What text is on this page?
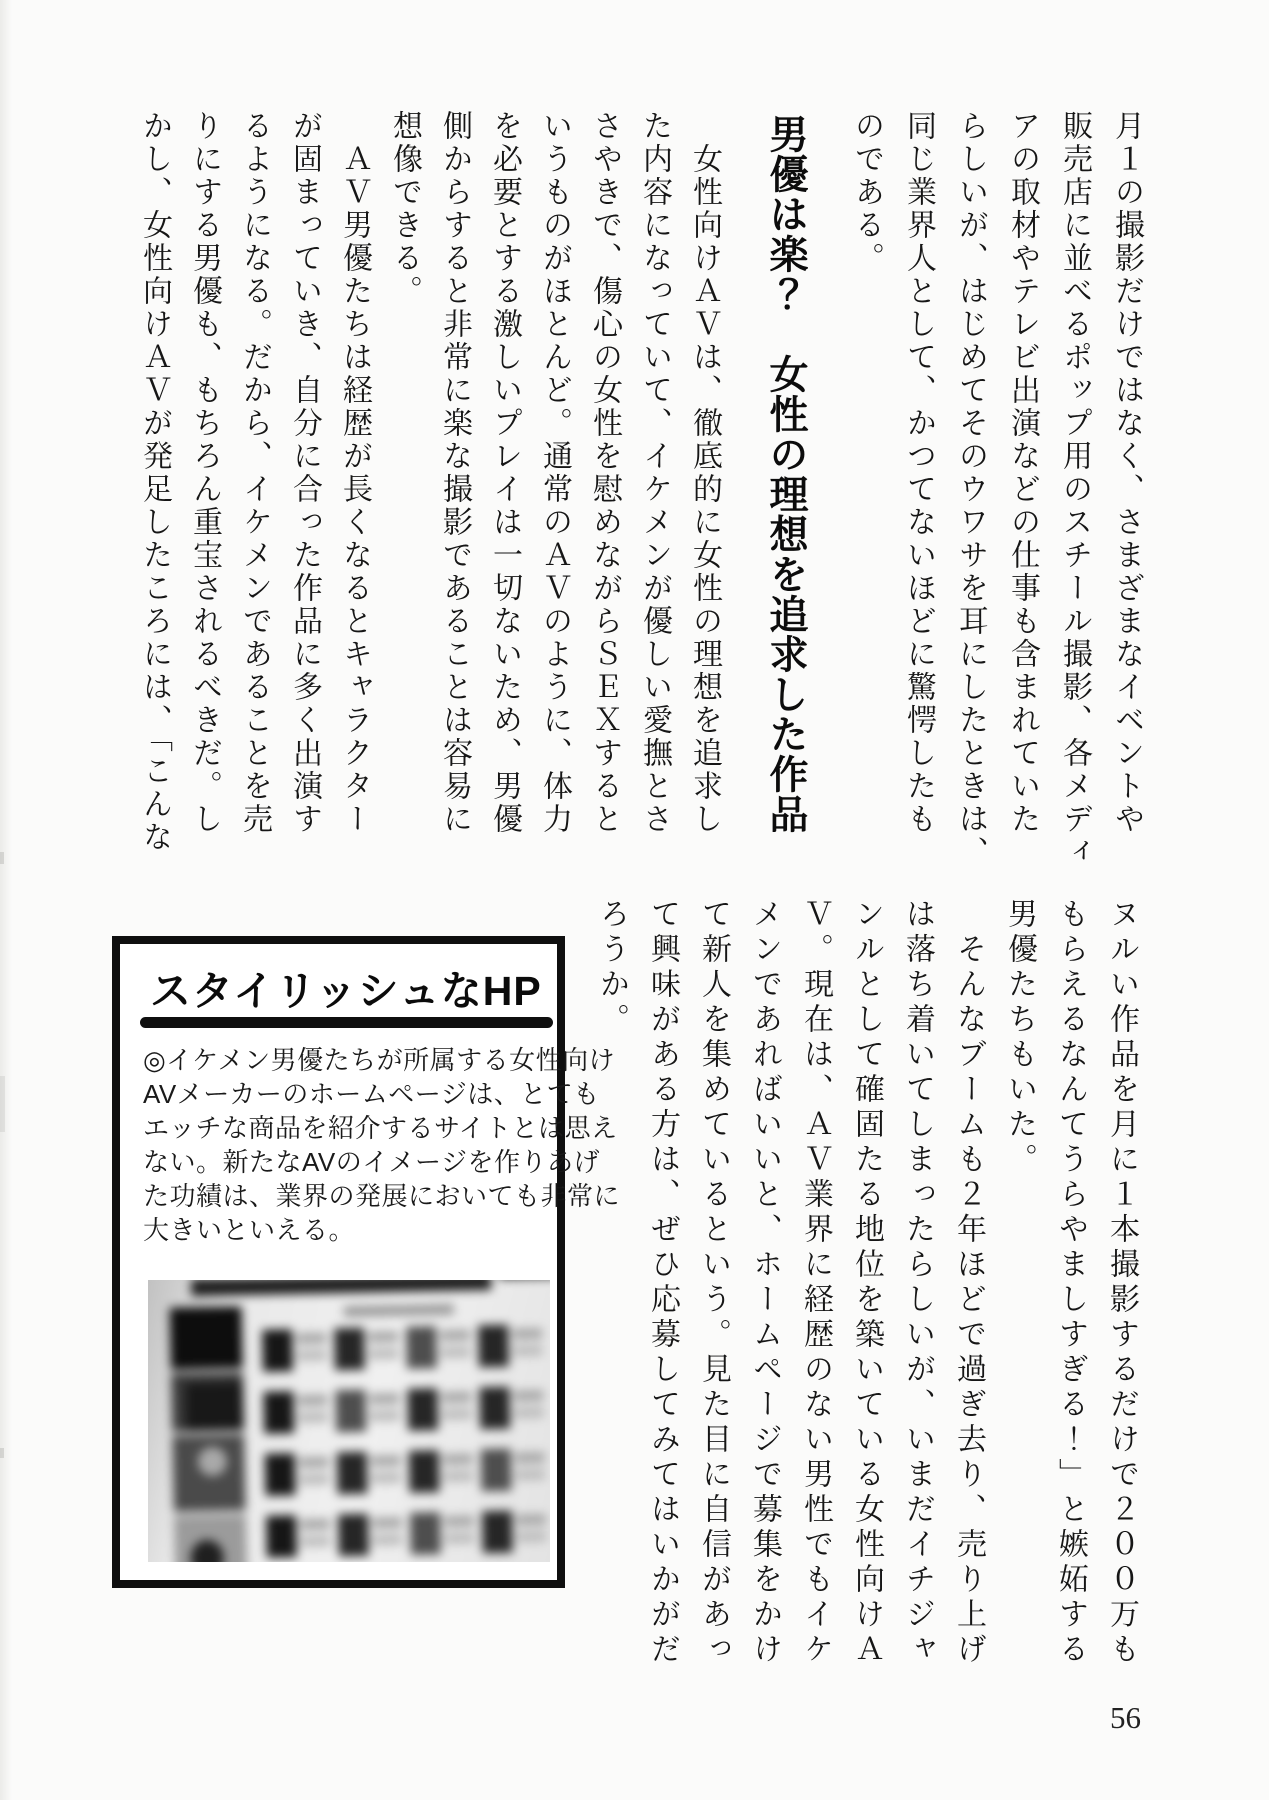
月１の撮影だけではなく、さまざまなイベントや
販売店に並べるポップ用のスチール撮影、各メディ
アの取材やテレビ出演などの仕事も含まれていた
らしいが、はじめてそのウワサを耳にしたときは、
同じ業界人として、かつてないほどに驚愕したも
のである。
男優は楽？　女性の理想を追求した作品
　女性向けＡＶは、徹底的に女性の理想を追求し
た内容になっていて、イケメンが優しい愛撫とさ
さやきで、傷心の女性を慰めながらＳＥＸすると
いうものがほとんど。通常のＡＶのように、体力
を必要とする激しいプレイは一切ないため、男優
側からすると非常に楽な撮影であることは容易に
想像できる。
　ＡＶ男優たちは経歴が長くなるとキャラクター
が固まっていき、自分に合った作品に多く出演す
るようになる。だから、イケメンであることを売
りにする男優も、もちろん重宝されるべきだ。し
かし、女性向けＡＶが発足したころには、「こんな
ヌルい作品を月に１本撮影するだけで２００万も
もらえるなんてうらやましすぎる！」と嫉妬する
男優たちもいた。
　そんなブームも２年ほどで過ぎ去り、売り上げ
は落ち着いてしまったらしいが、いまだイチジャ
ンルとして確固たる地位を築いている女性向けＡ
Ｖ。現在は、ＡＶ業界に経歴のない男性でもイケ
メンであればいいと、ホームページで募集をかけ
て新人を集めているという。見た目に自信があっ
て興味がある方は、ぜひ応募してみてはいかがだ
ろうか。
スタイリッシュなHP
◎イケメン男優たちが所属する女性向け
AVメーカーのホームページは、とても
エッチな商品を紹介するサイトとは思え
ない。新たなAVのイメージを作りあげ
た功績は、業界の発展においても非常に
大きいといえる。
56
